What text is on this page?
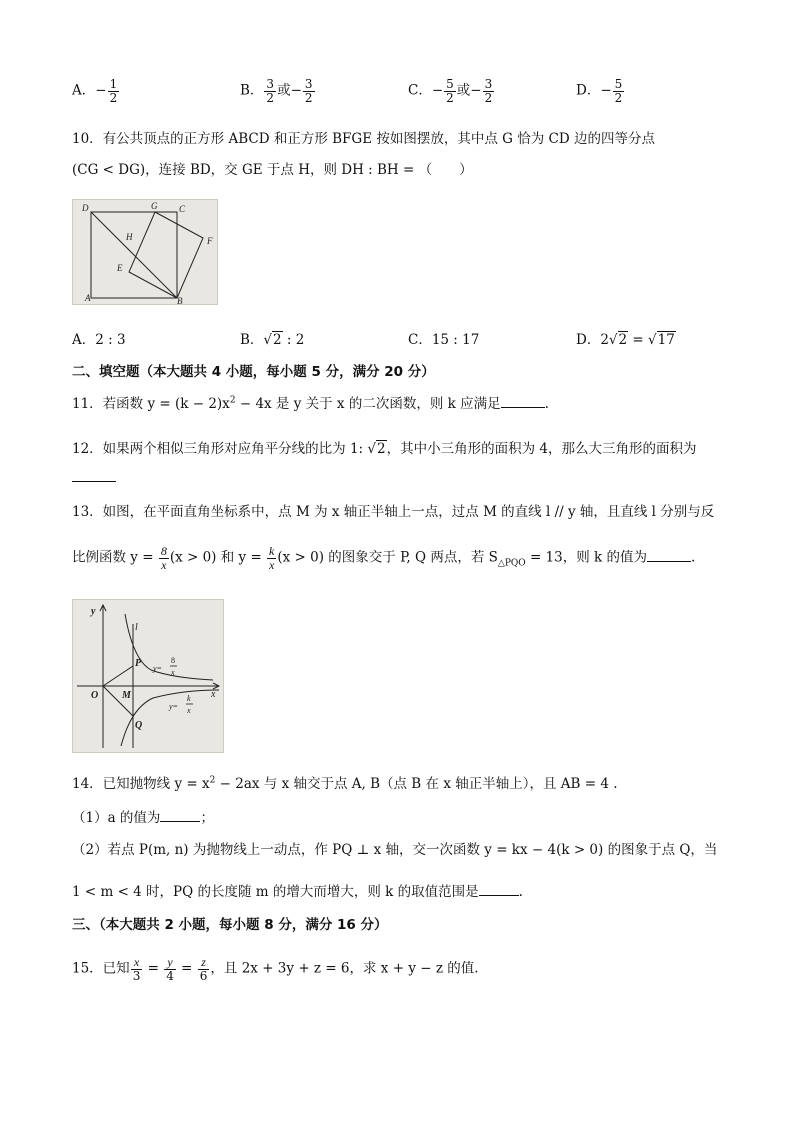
A．− $\frac{1}{2}$	B． $\frac{3}{2}$ 或− $\frac{3}{2}$	C．− $\frac{5}{2}$ 或− $\frac{3}{2}$	D．− $\frac{5}{2}$
10．有公共顶点的正方形 ABCD 和正方形 BFGE 按如图摆放，其中点 G 恰为 CD 边的四等分点
(CG < DG)，连接 BD，交 GE 于点 H，则 DH : BH = （　　）
D	G C
H	F
E
A	B
A．2 : 3	B．√2 : 2	C．15 : 17	D．2√2 = √17
二、填空题（本大题共 4 小题，每小题 5 分，满分 20 分）
11．若函数 $y = (k - 2)x^2 - 4x$ 是 y 关于 x 的二次函数，则 k 应满足	.
12．如果两个相似三角形对应角平分线的比为 1: √2，其中小三角形的面积为 4，那么大三角形的面积为
13．如图，在平面直角坐标系中，点 M 为 x 轴正半轴上一点，过点 M 的直线 l // y 轴，且直线 l 分别与反
比例函数 $y = \frac{8}{x} (x > 0)$ 和 $y = \frac{k}{x} (x > 0)$ 的图象交于 P, Q 两点，若 $S_{\triangle PQO} = 13$，则 k 的值为	.
y
l
P
O M	x
Q
y=
8
x
y=
k
x
14．已知抛物线 $y = x^2 - 2ax$ 与 x 轴交于点 A, B（点 B 在 x 轴正半轴上），且 AB = 4 .
（1）a 的值为	；
（2）若点 P(m, n) 为抛物线上一动点，作 PQ ⊥ x 轴，交一次函数 y = kx − 4(k > 0) 的图象于点 Q，当
1 < m < 4 时，PQ 的长度随 m 的增大而增大，则 k 的取值范围是	.
三、（本大题共 2 小题，每小题 8 分，满分 16 分）
15．已知 $\frac{x}{3} = \frac{y}{4} = \frac{z}{6}$ ，且 2x + 3y + z = 6，求 x + y − z 的值.
